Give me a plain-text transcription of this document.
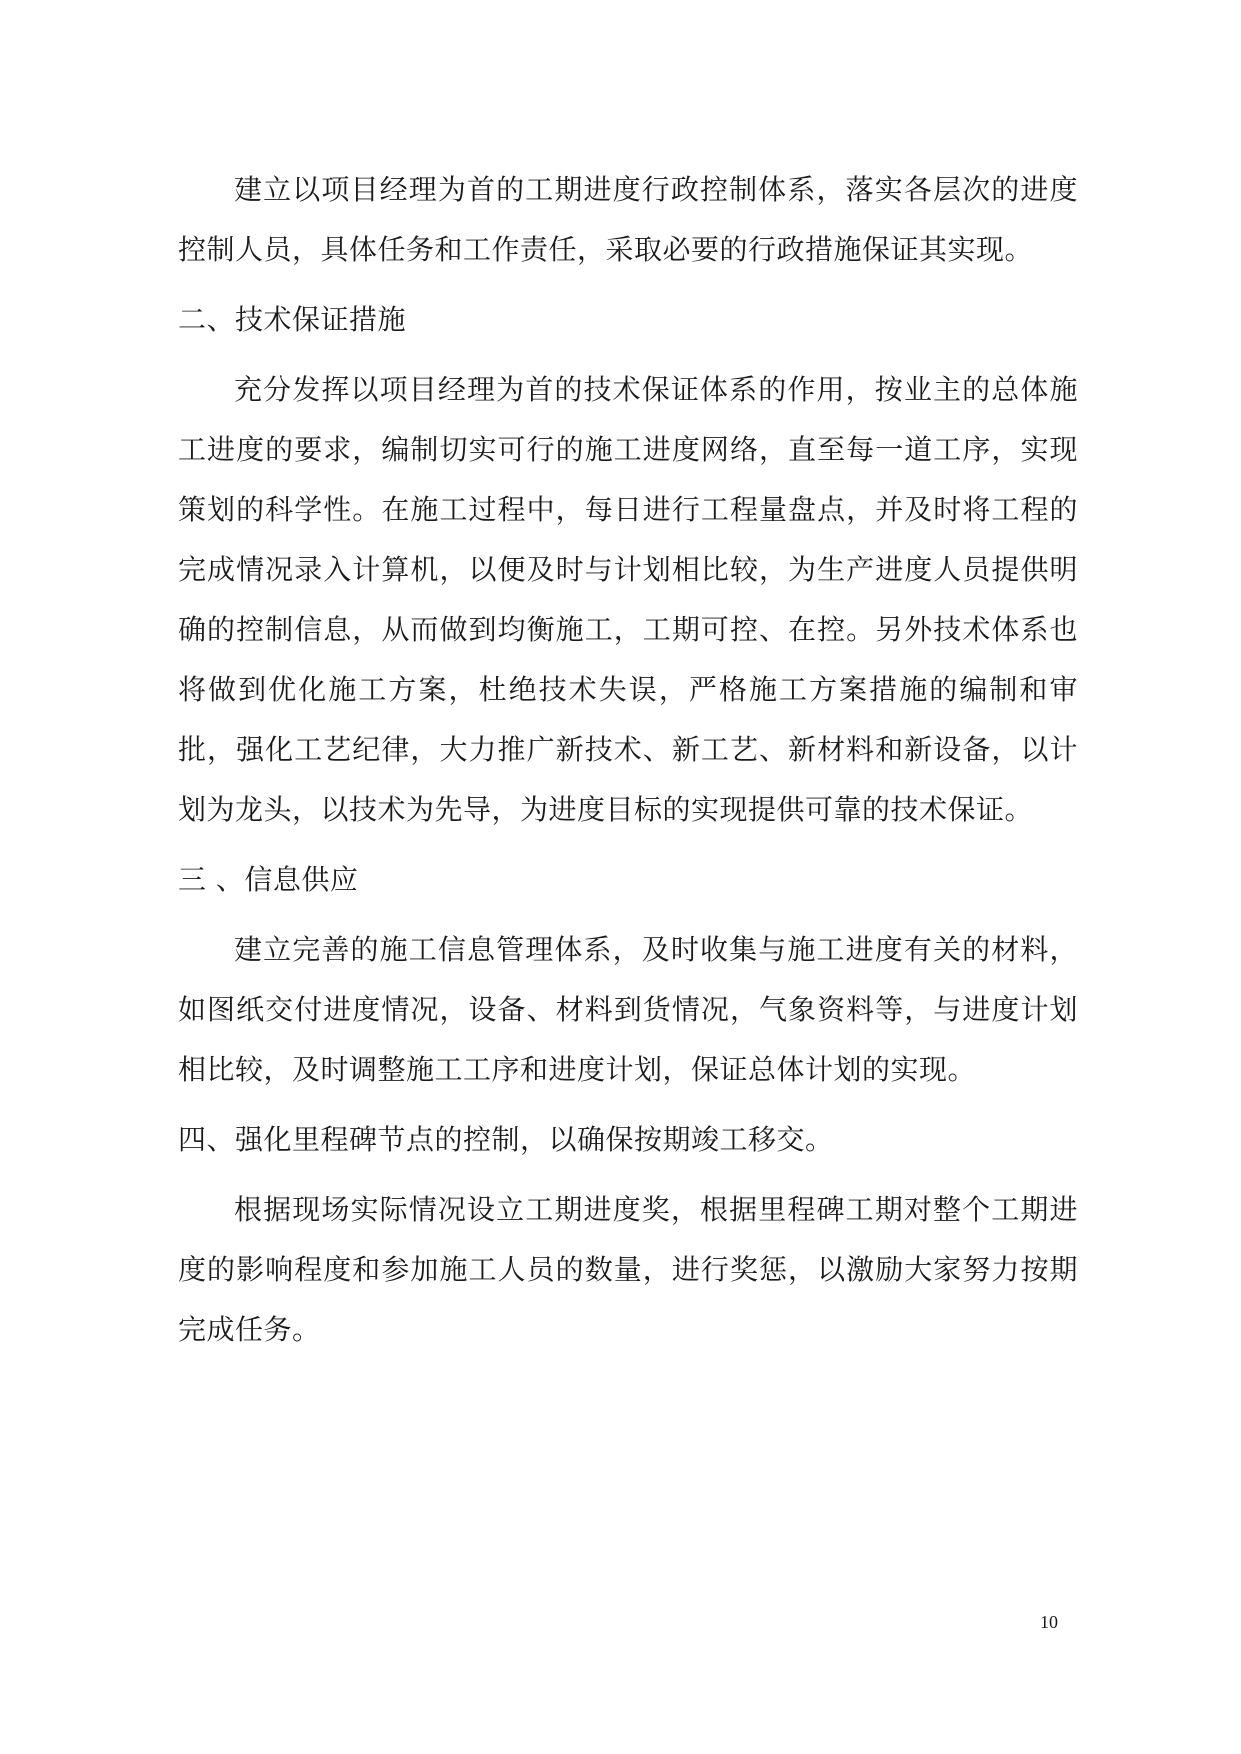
建立以项目经理为首的工期进度行政控制体系，落实各层次的进度控制人员，具体任务和工作责任，采取必要的行政措施保证其实现。

二、技术保证措施

充分发挥以项目经理为首的技术保证体系的作用，按业主的总体施工进度的要求，编制切实可行的施工进度网络，直至每一道工序，实现策划的科学性。在施工过程中，每日进行工程量盘点，并及时将工程的完成情况录入计算机，以便及时与计划相比较，为生产进度人员提供明确的控制信息，从而做到均衡施工，工期可控、在控。另外技术体系也将做到优化施工方案，杜绝技术失误，严格施工方案措施的编制和审批，强化工艺纪律，大力推广新技术、新工艺、新材料和新设备，以计划为龙头，以技术为先导，为进度目标的实现提供可靠的技术保证。

三 、信息供应

建立完善的施工信息管理体系，及时收集与施工进度有关的材料，如图纸交付进度情况，设备、材料到货情况，气象资料等，与进度计划相比较，及时调整施工工序和进度计划，保证总体计划的实现。

四、强化里程碑节点的控制，以确保按期竣工移交。

根据现场实际情况设立工期进度奖，根据里程碑工期对整个工期进度的影响程度和参加施工人员的数量，进行奖惩，以激励大家努力按期完成任务。

10
